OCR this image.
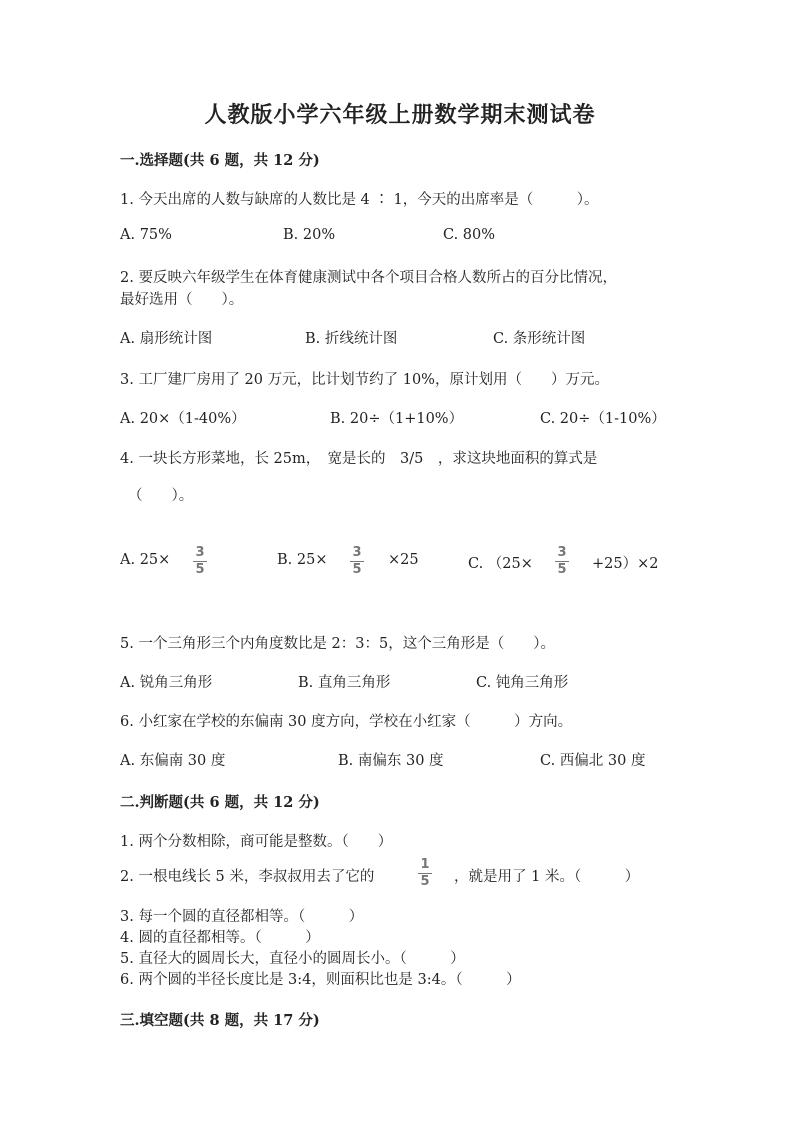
人教版小学六年级上册数学期末测试卷
一.选择题(共 6 题，共 12 分)
1. 今天出席的人数与缺席的人数比是 4 ∶ 1，今天的出席率是（　　　）。
A. 75%	B. 20%	C. 80%
2. 要反映六年级学生在体育健康测试中各个项目合格人数所占的百分比情况，
最好选用（　　）。
A. 扇形统计图	B. 折线统计图	C. 条形统计图
3. 工厂建厂房用了 20 万元，比计划节约了 10%，原计划用（　　）万元。
A. 20×（1-40%）	B. 20÷（1+10%）	C. 20÷（1-10%）
4. 一块长方形菜地，长 25m，　宽是长的　3/5　，求这块地面积的算式是
（　　）。
A. 25×	3
5
B. 25×	3
5
×25	C. （25×
3
5	+25）×2
5. 一个三角形三个内角度数比是 2：3：5，这个三角形是（　　）。
A. 锐角三角形	B. 直角三角形	C. 钝角三角形
6. 小红家在学校的东偏南 30 度方向，学校在小红家（　　　）方向。
A. 东偏南 30 度	B. 南偏东 30 度	C. 西偏北 30 度
二.判断题(共 6 题，共 12 分)
1. 两个分数相除，商可能是整数。（　　）
2. 一根电线长 5 米，李叔叔用去了它的
1
5	，就是用了 1 米。（　　　）
3. 每一个圆的直径都相等。（　　　）
4. 圆的直径都相等。（　　　）
5. 直径大的圆周长大，直径小的圆周长小。（　　　）
6. 两个圆的半径长度比是 3:4，则面积比也是 3:4。（　　　）
三.填空题(共 8 题，共 17 分)
